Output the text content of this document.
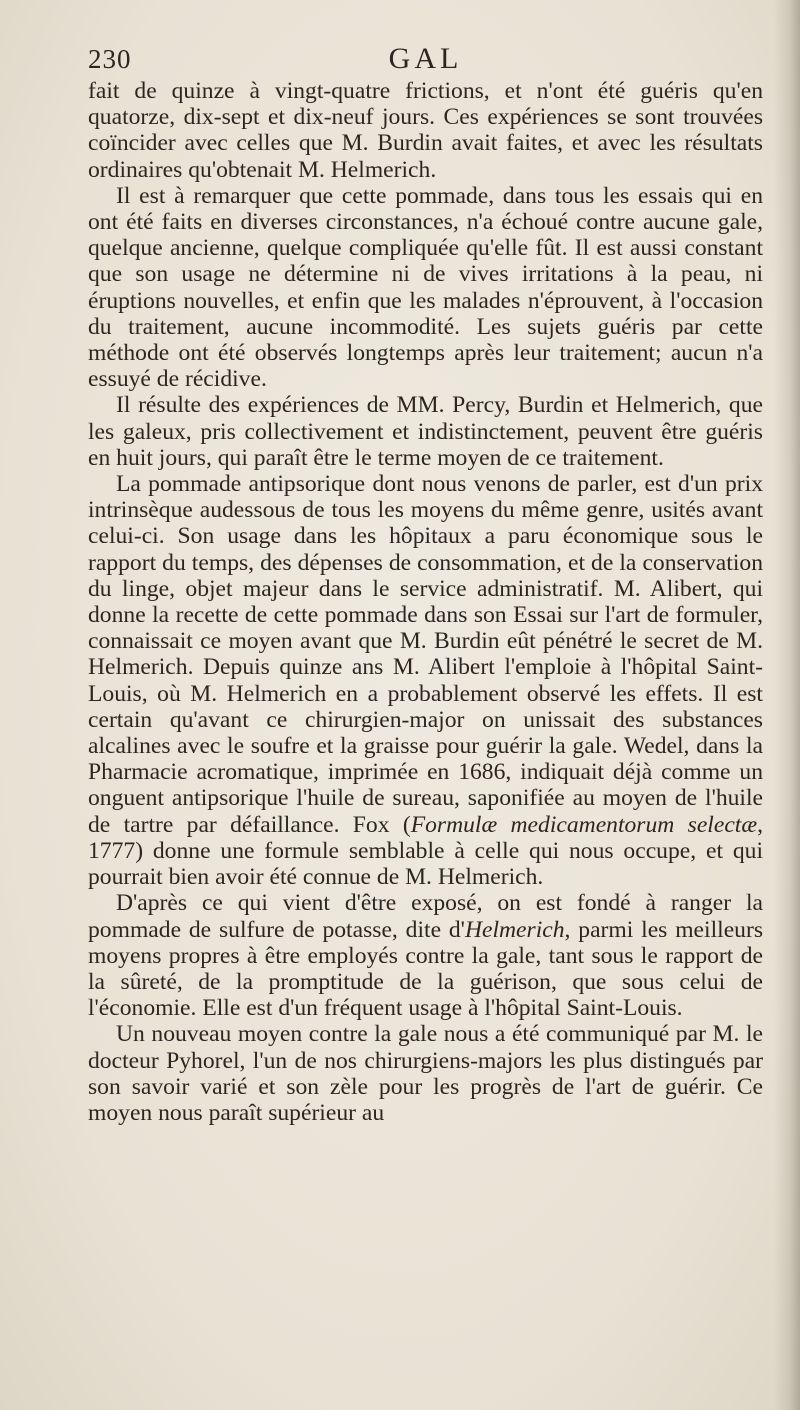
230	GAL

fait de quinze à vingt-quatre frictions, et n'ont été guéris qu'en quatorze, dix-sept et dix-neuf jours. Ces expériences se sont trouvées coïncider avec celles que M. Burdin avait faites, et avec les résultats ordinaires qu'obtenait M. Helmerich.

Il est à remarquer que cette pommade, dans tous les essais qui en ont été faits en diverses circonstances, n'a échoué contre aucune gale, quelque ancienne, quelque compliquée qu'elle fût. Il est aussi constant que son usage ne détermine ni de vives irritations à la peau, ni éruptions nouvelles, et enfin que les malades n'éprouvent, à l'occasion du traitement, aucune incommodité. Les sujets guéris par cette méthode ont été observés longtemps après leur traitement; aucun n'a essuyé de récidive.

Il résulte des expériences de MM. Percy, Burdin et Helmerich, que les galeux, pris collectivement et indistinctement, peuvent être guéris en huit jours, qui paraît être le terme moyen de ce traitement.

La pommade antipsorique dont nous venons de parler, est d'un prix intrinsèque audessous de tous les moyens du même genre, usités avant celui-ci. Son usage dans les hôpitaux a paru économique sous le rapport du temps, des dépenses de consommation, et de la conservation du linge, objet majeur dans le service administratif. M. Alibert, qui donne la recette de cette pommade dans son Essai sur l'art de formuler, connaissait ce moyen avant que M. Burdin eût pénétré le secret de M. Helmerich. Depuis quinze ans M. Alibert l'emploie à l'hôpital Saint-Louis, où M. Helmerich en a probablement observé les effets. Il est certain qu'avant ce chirurgien-major on unissait des substances alcalines avec le soufre et la graisse pour guérir la gale. Wedel, dans la Pharmacie acromatique, imprimée en 1686, indiquait déjà comme un onguent antipsorique l'huile de sureau, saponifiée au moyen de l'huile de tartre par défaillance. Fox (Formulæ medicamentorum selectæ, 1777) donne une formule semblable à celle qui nous occupe, et qui pourrait bien avoir été connue de M. Helmerich.

D'après ce qui vient d'être exposé, on est fondé à ranger la pommade de sulfure de potasse, dite d'Helmerich, parmi les meilleurs moyens propres à être employés contre la gale, tant sous le rapport de la sûreté, de la promptitude de la guérison, que sous celui de l'économie. Elle est d'un fréquent usage à l'hôpital Saint-Louis.

Un nouveau moyen contre la gale nous a été communiqué par M. le docteur Pyhorel, l'un de nos chirurgiens-majors les plus distingués par son savoir varié et son zèle pour les progrès de l'art de guérir. Ce moyen nous paraît supérieur au
